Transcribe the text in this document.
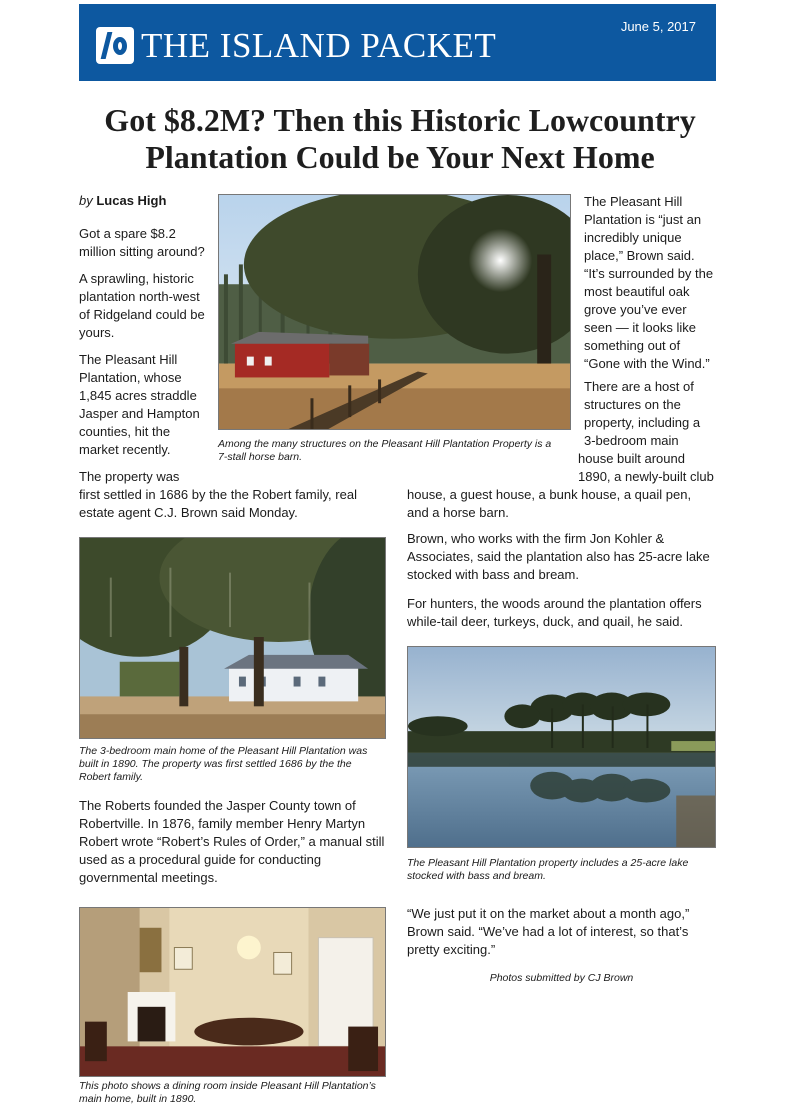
THE ISLAND PACKET	June 5, 2017
Got $8.2M? Then this Historic Lowcountry
Plantation Could be Your Next Home
by Lucas High
Got a spare $8.2
million sitting around?
A sprawling, historic
plantation north-west
of Ridgeland could be
yours.
The Pleasant Hill
Plantation, whose
1,845 acres straddle
Jasper and Hampton
counties, hit the
market recently.
The property was
first settled in 1686 by the the Robert family, real
estate agent C.J. Brown said Monday.
Among the many structures on the Pleasant Hill Plantation Property is a
7-stall horse barn.
The Pleasant Hill
Plantation is “just an
incredibly unique
place,” Brown said.
“It’s surrounded by the
most beautiful oak
grove you’ve ever
seen — it looks like
something out of
“Gone with the Wind.”
There are a host of
structures on the
property, including a
3-bedroom main
house built around
1890, a newly-built club
house, a guest house, a bunk house, a quail pen,
and a horse barn.
Brown, who works with the firm Jon Kohler &
Associates, said the plantation also has 25-acre lake
stocked with bass and bream.
For hunters, the woods around the plantation offers
while-tail deer, turkeys, duck, and quail, he said.
The 3-bedroom main home of the Pleasant Hill Plantation was
built in 1890. The property was first settled 1686 by the the
Robert family.
The Roberts founded the Jasper County town of
Robertville. In 1876, family member Henry Martyn
Robert wrote “Robert’s Rules of Order,” a manual still
used as a procedural guide for conducting
governmental meetings.
The Pleasant Hill Plantation property includes a 25-acre lake
stocked with bass and bream.
“We just put it on the market about a month ago,”
Brown said. “We’ve had a lot of interest, so that’s
pretty exciting.”
Photos submitted by CJ Brown
This photo shows a dining room inside Pleasant Hill Plantation’s
main home, built in 1890.
